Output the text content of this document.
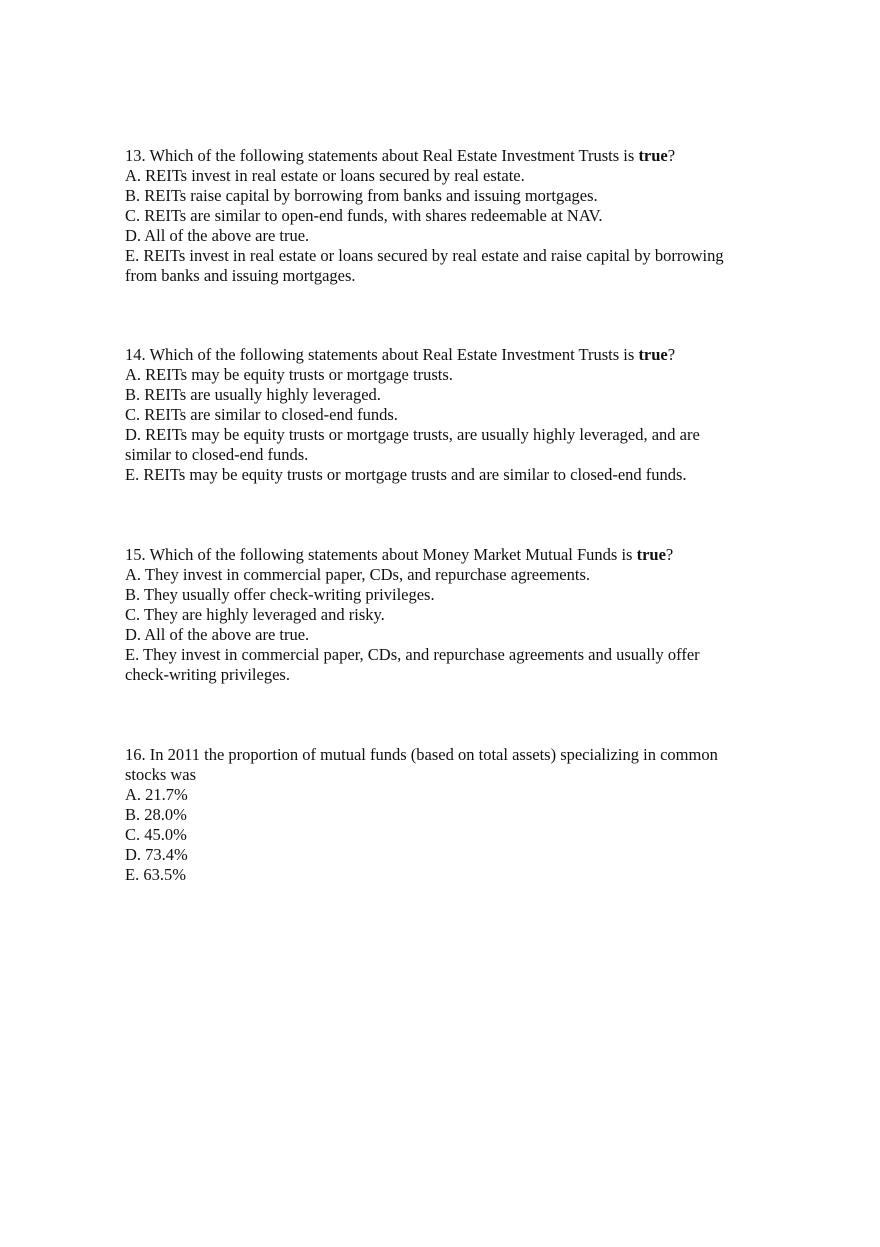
13. Which of the following statements about Real Estate Investment Trusts is true?
A. REITs invest in real estate or loans secured by real estate.
B. REITs raise capital by borrowing from banks and issuing mortgages.
C. REITs are similar to open-end funds, with shares redeemable at NAV.
D. All of the above are true.
E. REITs invest in real estate or loans secured by real estate and raise capital by borrowing
from banks and issuing mortgages.
14. Which of the following statements about Real Estate Investment Trusts is true?
A. REITs may be equity trusts or mortgage trusts.
B. REITs are usually highly leveraged.
C. REITs are similar to closed-end funds.
D. REITs may be equity trusts or mortgage trusts, are usually highly leveraged, and are
similar to closed-end funds.
E. REITs may be equity trusts or mortgage trusts and are similar to closed-end funds.
15. Which of the following statements about Money Market Mutual Funds is true?
A. They invest in commercial paper, CDs, and repurchase agreements.
B. They usually offer check-writing privileges.
C. They are highly leveraged and risky.
D. All of the above are true.
E. They invest in commercial paper, CDs, and repurchase agreements and usually offer
check-writing privileges.
16. In 2011 the proportion of mutual funds (based on total assets) specializing in common
stocks was
A. 21.7%
B. 28.0%
C. 45.0%
D. 73.4%
E. 63.5%
